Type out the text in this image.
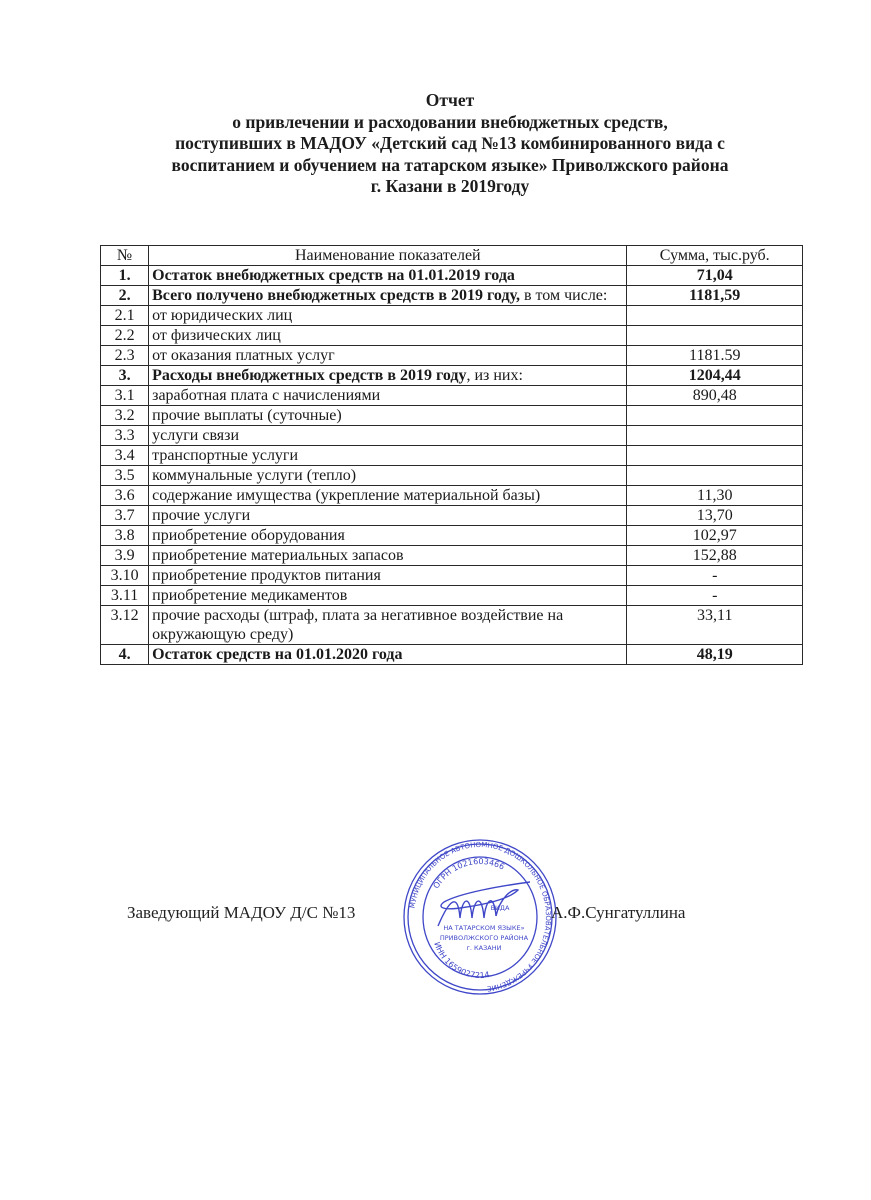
Отчет
о привлечении и расходовании внебюджетных средств,
поступивших в МАДОУ «Детский сад №13 комбинированного вида с
воспитанием и обучением на татарском языке» Приволжского района
г. Казани в 2019году
№	Наименование показателей	Сумма, тыс.руб.
1.	Остаток внебюджетных средств на 01.01.2019 года	71,04
2.	Всего получено внебюджетных средств в 2019 году, в том числе:	1181,59
2.1	от юридических лиц	
2.2	от физических лиц	
2.3	от оказания платных услуг	1181.59
3.	Расходы внебюджетных средств в 2019 году, из них:	1204,44
3.1	заработная плата с начислениями	890,48
3.2	прочие выплаты (суточные)	
3.3	услуги связи	
3.4	транспортные услуги	
3.5	коммунальные услуги (тепло)	
3.6	содержание имущества (укрепление материальной базы)	11,30
3.7	прочие услуги	13,70
3.8	приобретение оборудования	102,97
3.9	приобретение материальных запасов	152,88
3.10	приобретение продуктов питания	-
3.11	приобретение медикаментов	-
3.12	прочие расходы (штраф, плата за негативное воздействие на окружающую среду)	33,11
4.	Остаток средств на 01.01.2020 года	48,19
Заведующий МАДОУ Д/С №13	МУНИЦИПАЛЬНОЕ АВТОНОМНОЕ ДОШКОЛЬНОЕ ОБРАЗОВАТЕЛЬНОЕ УЧРЕЖДЕНИЕ
ОГРН 1021603466
ИНН 1659027214
ВИДА
НА ТАТАРСКОМ ЯЗЫКЕ»
ПРИВОЛЖСКОГО РАЙОНА
г. КАЗАНИ
А.Ф.Сунгатуллина
